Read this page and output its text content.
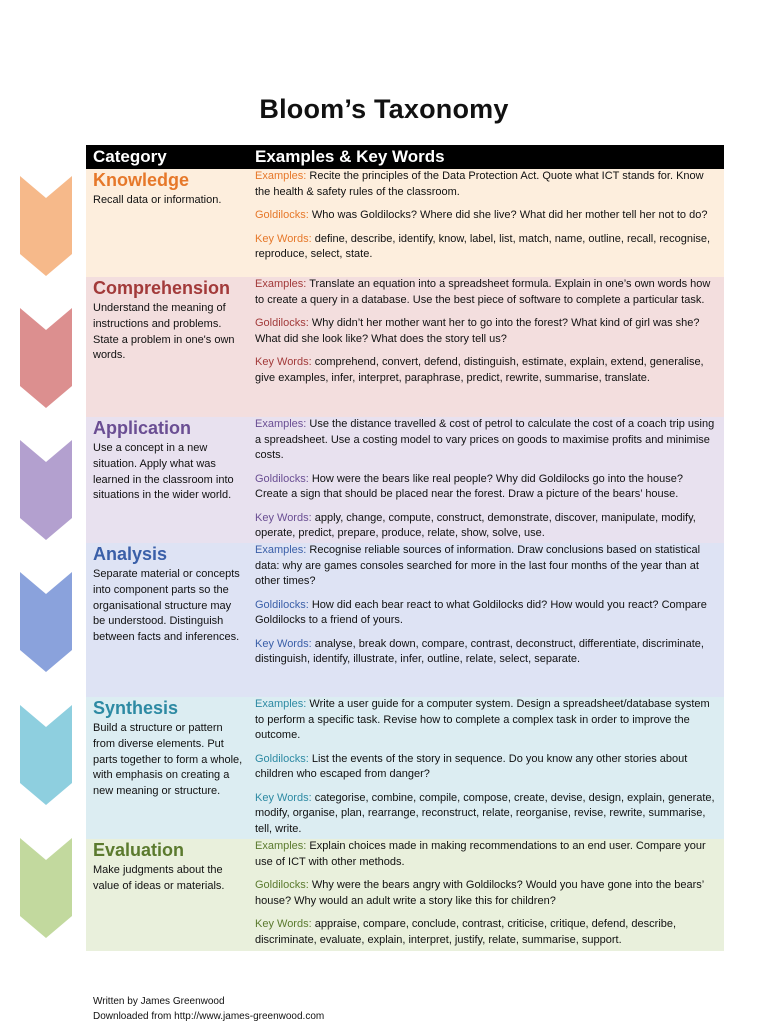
Bloom’s Taxonomy
Category	Examples & Key Words
Knowledge
Recall data or information.
Examples: Recite the principles of the Data Protection Act. Quote what ICT stands for. Know the health & safety rules of the classroom.
Goldilocks: Who was Goldilocks? Where did she live? What did her mother tell her not to do?
Key Words: define, describe, identify, know, label, list, match, name, outline, recall, recognise, reproduce, select, state.
Comprehension
Understand the meaning of instructions and problems. State a problem in one's own words.
Examples: Translate an equation into a spreadsheet formula. Explain in one’s own words how to create a query in a database. Use the best piece of software to complete a particular task.
Goldilocks: Why didn’t her mother want her to go into the forest? What kind of girl was she? What did she look like? What does the story tell us?
Key Words: comprehend, convert, defend, distinguish, estimate, explain, extend, generalise, give examples, infer, interpret, paraphrase, predict, rewrite, summarise, translate.
Application
Use a concept in a new situation. Apply what was learned in the classroom into situations in the wider world.
Examples: Use the distance travelled & cost of petrol to calculate the cost of a coach trip using a spreadsheet. Use a costing model to vary prices on goods to maximise profits and minimise costs.
Goldilocks: How were the bears like real people? Why did Goldilocks go into the house? Create a sign that should be placed near the forest. Draw a picture of the bears’ house.
Key Words: apply, change, compute, construct, demonstrate, discover, manipulate, modify, operate, predict, prepare, produce, relate, show, solve, use.
Analysis
Separate material or concepts into component parts so the organisational structure may be understood. Distinguish between facts and inferences.
Examples: Recognise reliable sources of information. Draw conclusions based on statistical data: why are games consoles searched for more in the last four months of the year than at other times?
Goldilocks: How did each bear react to what Goldilocks did? How would you react? Compare Goldilocks to a friend of yours.
Key Words: analyse, break down, compare, contrast, deconstruct, differentiate, discriminate, distinguish, identify, illustrate, infer, outline, relate, select, separate.
Synthesis
Build a structure or pattern from diverse elements. Put parts together to form a whole, with emphasis on creating a new meaning or structure.
Examples: Write a user guide for a computer system. Design a spreadsheet/database system to perform a specific task. Revise how to complete a complex task in order to improve the outcome.
Goldilocks: List the events of the story in sequence. Do you know any other stories about children who escaped from danger?
Key Words: categorise, combine, compile, compose, create, devise, design, explain, generate, modify, organise, plan, rearrange, reconstruct, relate, reorganise, revise, rewrite, summarise, tell, write.
Evaluation
Make judgments about the value of ideas or materials.
Examples: Explain choices made in making recommendations to an end user. Compare your use of ICT with other methods.
Goldilocks: Why were the bears angry with Goldilocks? Would you have gone into the bears’ house? Why would an adult write a story like this for children?
Key Words: appraise, compare, conclude, contrast, criticise, critique, defend, describe, discriminate, evaluate, explain, interpret, justify, relate, summarise, support.
Written by James Greenwood
Downloaded from http://www.james-greenwood.com
